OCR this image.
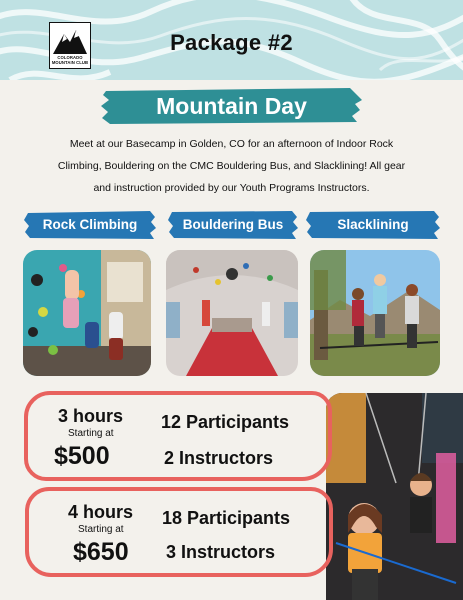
COLORADO MOUNTAIN CLUB
Package #2
Mountain Day
Meet at our Basecamp in Golden, CO for an afternoon of Indoor Rock Climbing, Bouldering on the CMC Bouldering Bus, and Slacklining! All gear and instruction provided by our Youth Programs Instructors.
Rock Climbing	Bouldering Bus	Slacklining
3 hours
Starting at
$500
12 Participants
2 Instructors
4 hours
Starting at
$650
18 Participants
3 Instructors
